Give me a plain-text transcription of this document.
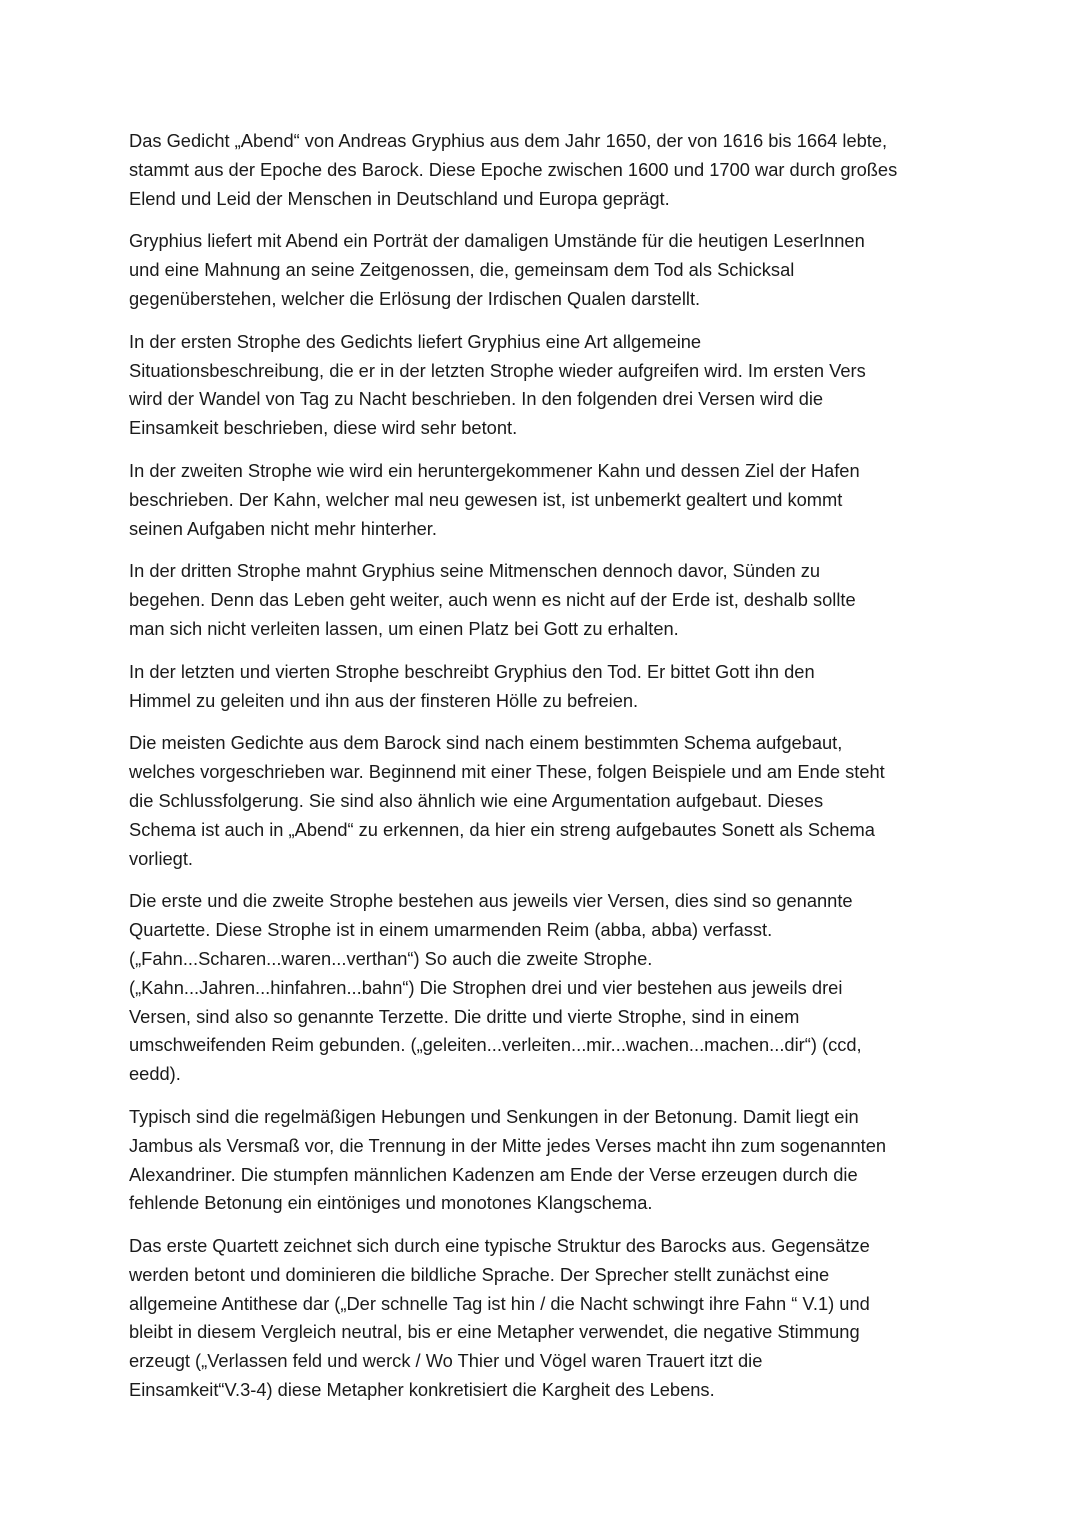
Das Gedicht „Abend“ von Andreas Gryphius aus dem Jahr 1650, der von 1616 bis 1664 lebte,
stammt aus der Epoche des Barock. Diese Epoche zwischen 1600 und 1700 war durch großes
Elend und Leid der Menschen in Deutschland und Europa geprägt.

Gryphius liefert mit Abend ein Porträt der damaligen Umstände für die heutigen LeserInnen
und eine Mahnung an seine Zeitgenossen, die, gemeinsam dem Tod als Schicksal
gegenüberstehen, welcher die Erlösung der Irdischen Qualen darstellt.

In der ersten Strophe des Gedichts liefert Gryphius eine Art allgemeine
Situationsbeschreibung, die er in der letzten Strophe wieder aufgreifen wird. Im ersten Vers
wird der Wandel von Tag zu Nacht beschrieben. In den folgenden drei Versen wird die
Einsamkeit beschrieben, diese wird sehr betont.

In der zweiten Strophe wie wird ein heruntergekommener Kahn und dessen Ziel der Hafen
beschrieben. Der Kahn, welcher mal neu gewesen ist, ist unbemerkt gealtert und kommt
seinen Aufgaben nicht mehr hinterher.

In der dritten Strophe mahnt Gryphius seine Mitmenschen dennoch davor, Sünden zu
begehen. Denn das Leben geht weiter, auch wenn es nicht auf der Erde ist, deshalb sollte
man sich nicht verleiten lassen, um einen Platz bei Gott zu erhalten.

In der letzten und vierten Strophe beschreibt Gryphius den Tod. Er bittet Gott ihn den
Himmel zu geleiten und ihn aus der finsteren Hölle zu befreien.

Die meisten Gedichte aus dem Barock sind nach einem bestimmten Schema aufgebaut,
welches vorgeschrieben war. Beginnend mit einer These, folgen Beispiele und am Ende steht
die Schlussfolgerung. Sie sind also ähnlich wie eine Argumentation aufgebaut. Dieses
Schema ist auch in „Abend“ zu erkennen, da hier ein streng aufgebautes Sonett als Schema
vorliegt.

Die erste und die zweite Strophe bestehen aus jeweils vier Versen, dies sind so genannte
Quartette. Diese Strophe ist in einem umarmenden Reim (abba, abba) verfasst.
(„Fahn...Scharen...waren...verthan“) So auch die zweite Strophe.
(„Kahn...Jahren...hinfahren...bahn“) Die Strophen drei und vier bestehen aus jeweils drei
Versen, sind also so genannte Terzette. Die dritte und vierte Strophe, sind in einem
umschweifenden Reim gebunden. („geleiten...verleiten...mir...wachen...machen...dir“) (ccd,
eedd).

Typisch sind die regelmäßigen Hebungen und Senkungen in der Betonung. Damit liegt ein
Jambus als Versmaß vor, die Trennung in der Mitte jedes Verses macht ihn zum sogenannten
Alexandriner. Die stumpfen männlichen Kadenzen am Ende der Verse erzeugen durch die
fehlende Betonung ein eintöniges und monotones Klangschema.

Das erste Quartett zeichnet sich durch eine typische Struktur des Barocks aus. Gegensätze
werden betont und dominieren die bildliche Sprache. Der Sprecher stellt zunächst eine
allgemeine Antithese dar („Der schnelle Tag ist hin / die Nacht schwingt ihre Fahn “ V.1) und
bleibt in diesem Vergleich neutral, bis er eine Metapher verwendet, die negative Stimmung
erzeugt („Verlassen feld und werck / Wo Thier und Vögel waren Trauert itzt die
Einsamkeit“V.3-4) diese Metapher konkretisiert die Kargheit des Lebens.
